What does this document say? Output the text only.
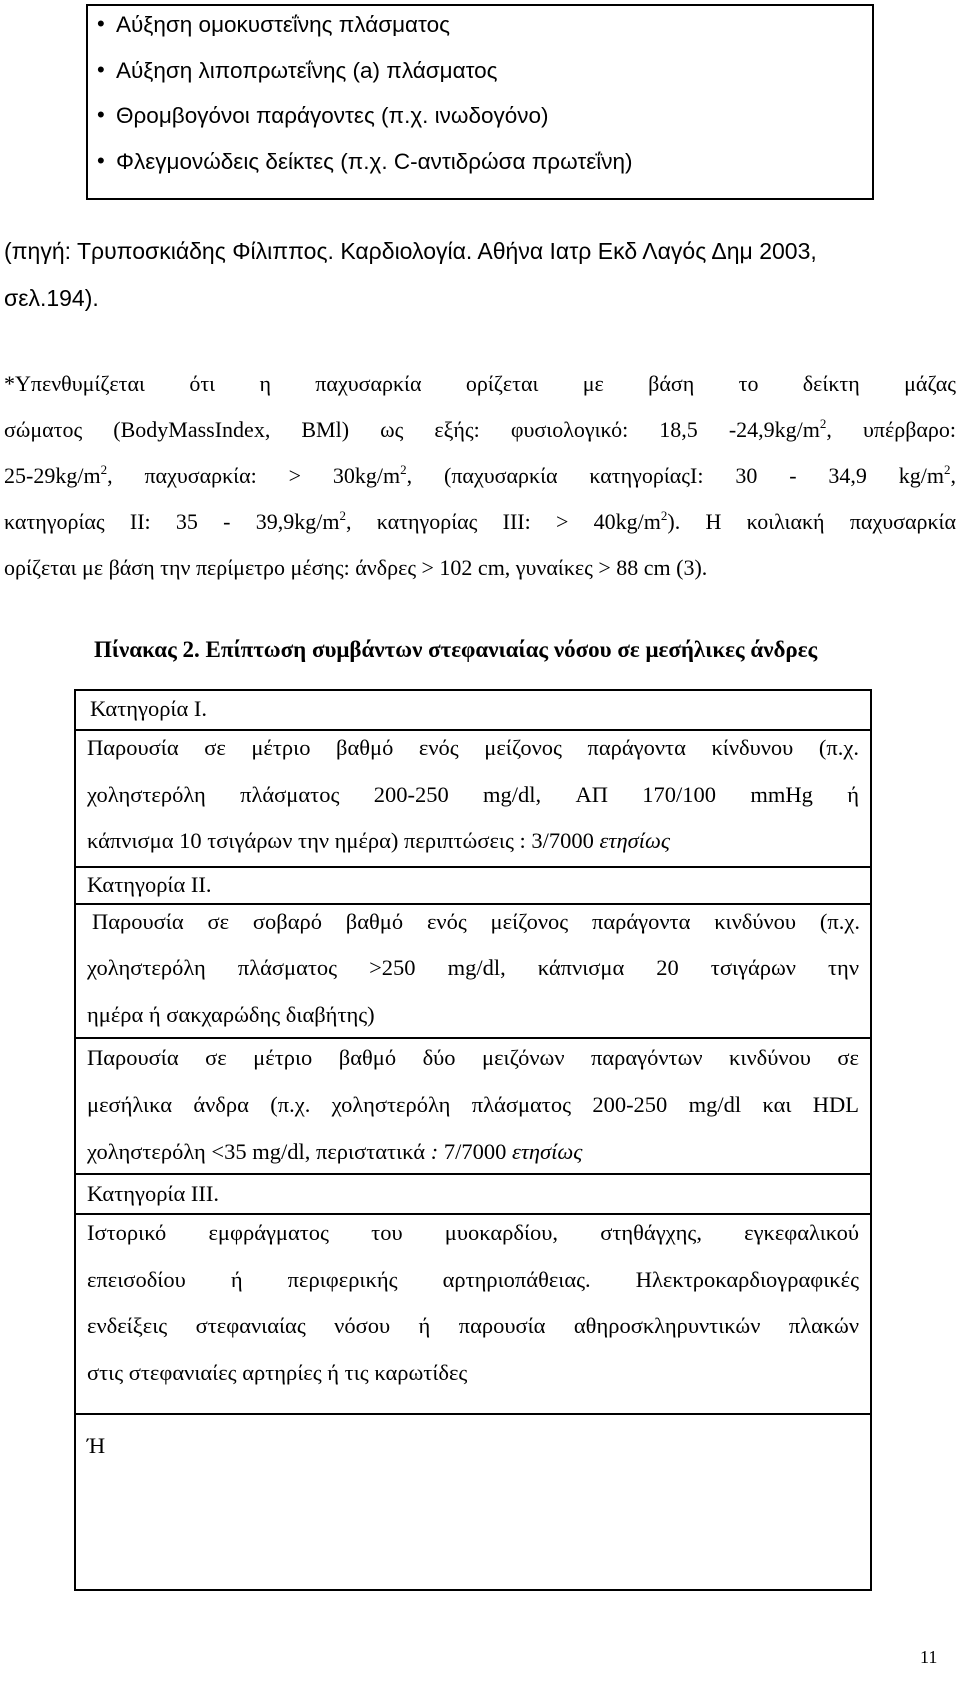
• Αύξηση ομοκυστεΐνης πλάσματος
• Αύξηση λιποπρωτεΐνης (a) πλάσματος
• Θρομβογόνοι παράγοντες (π.χ. ινωδογόνο)
• Φλεγμονώδεις δείκτες (π.χ. C-αντιδρώσα πρωτεΐνη)
(πηγή: Τρυποσκιάδης Φίλιππος. Καρδιολογία. Αθήνα Ιατρ Εκδ Λαγός Δημ 2003,
σελ.194).
*Υπενθυμίζεται ότι η παχυσαρκία ορίζεται με βάση το δείκτη μάζας
σώματος (BodyMassIndex, BMl) ως εξής: φυσιολογικό: 18,5 $-24,9kg/m^2$, υπέρβαρο:
$25-29kg/m^2$, παχυσαρκία: > $30kg/m^2$, (παχυσαρκία κατηγορίαςI: 30 - 34,9 $kg/m^2$,
κατηγορίας II: $35 - 39,9kg/m^2$, κατηγορίας III: > $40kg/m^2$). Η κοιλιακή παχυσαρκία
ορίζεται με βάση την περίμετρο μέσης: άνδρες > 102 cm, γυναίκες > 88 cm (3).
Πίνακας 2. Επίπτωση συμβάντων στεφανιαίας νόσου σε μεσήλικες άνδρες
Κατηγορία Ι.
Παρουσία σε μέτριο βαθμό ενός μείζονος παράγοντα κίνδυνου (π.χ.
χοληστερόλη πλάσματος 200-250 mg/dl, ΑΠ 170/100 mmHg ή
κάπνισμα 10 τσιγάρων την ημέρα) περιπτώσεις : 3/7000 ετησίως
Κατηγορία ΙΙ.
Παρουσία σε σοβαρό βαθμό ενός μείζονος παράγοντα κινδύνου (π.χ.
χοληστερόλη πλάσματος >250 mg/dl, κάπνισμα 20 τσιγάρων την
ημέρα ή σακχαρώδης διαβήτης)
Παρουσία σε μέτριο βαθμό δύο μειζόνων παραγόντων κινδύνου σε
μεσήλικα άνδρα (π.χ. χοληστερόλη πλάσματος 200-250 mg/dl και HDL
χοληστερόλη <35 mg/dl, περιστατικά : 7/7000 ετησίως
Κατηγορία ΙΙΙ.
Ιστορικό εμφράγματος του μυοκαρδίου, στηθάγχης, εγκεφαλικού
επεισοδίου ή περιφερικής αρτηριοπάθειας. Ηλεκτροκαρδιογραφικές
ενδείξεις στεφανιαίας νόσου ή παρουσία αθηροσκληρυντικών πλακών
στις στεφανιαίες αρτηρίες ή τις καρωτίδες
Ή
11
